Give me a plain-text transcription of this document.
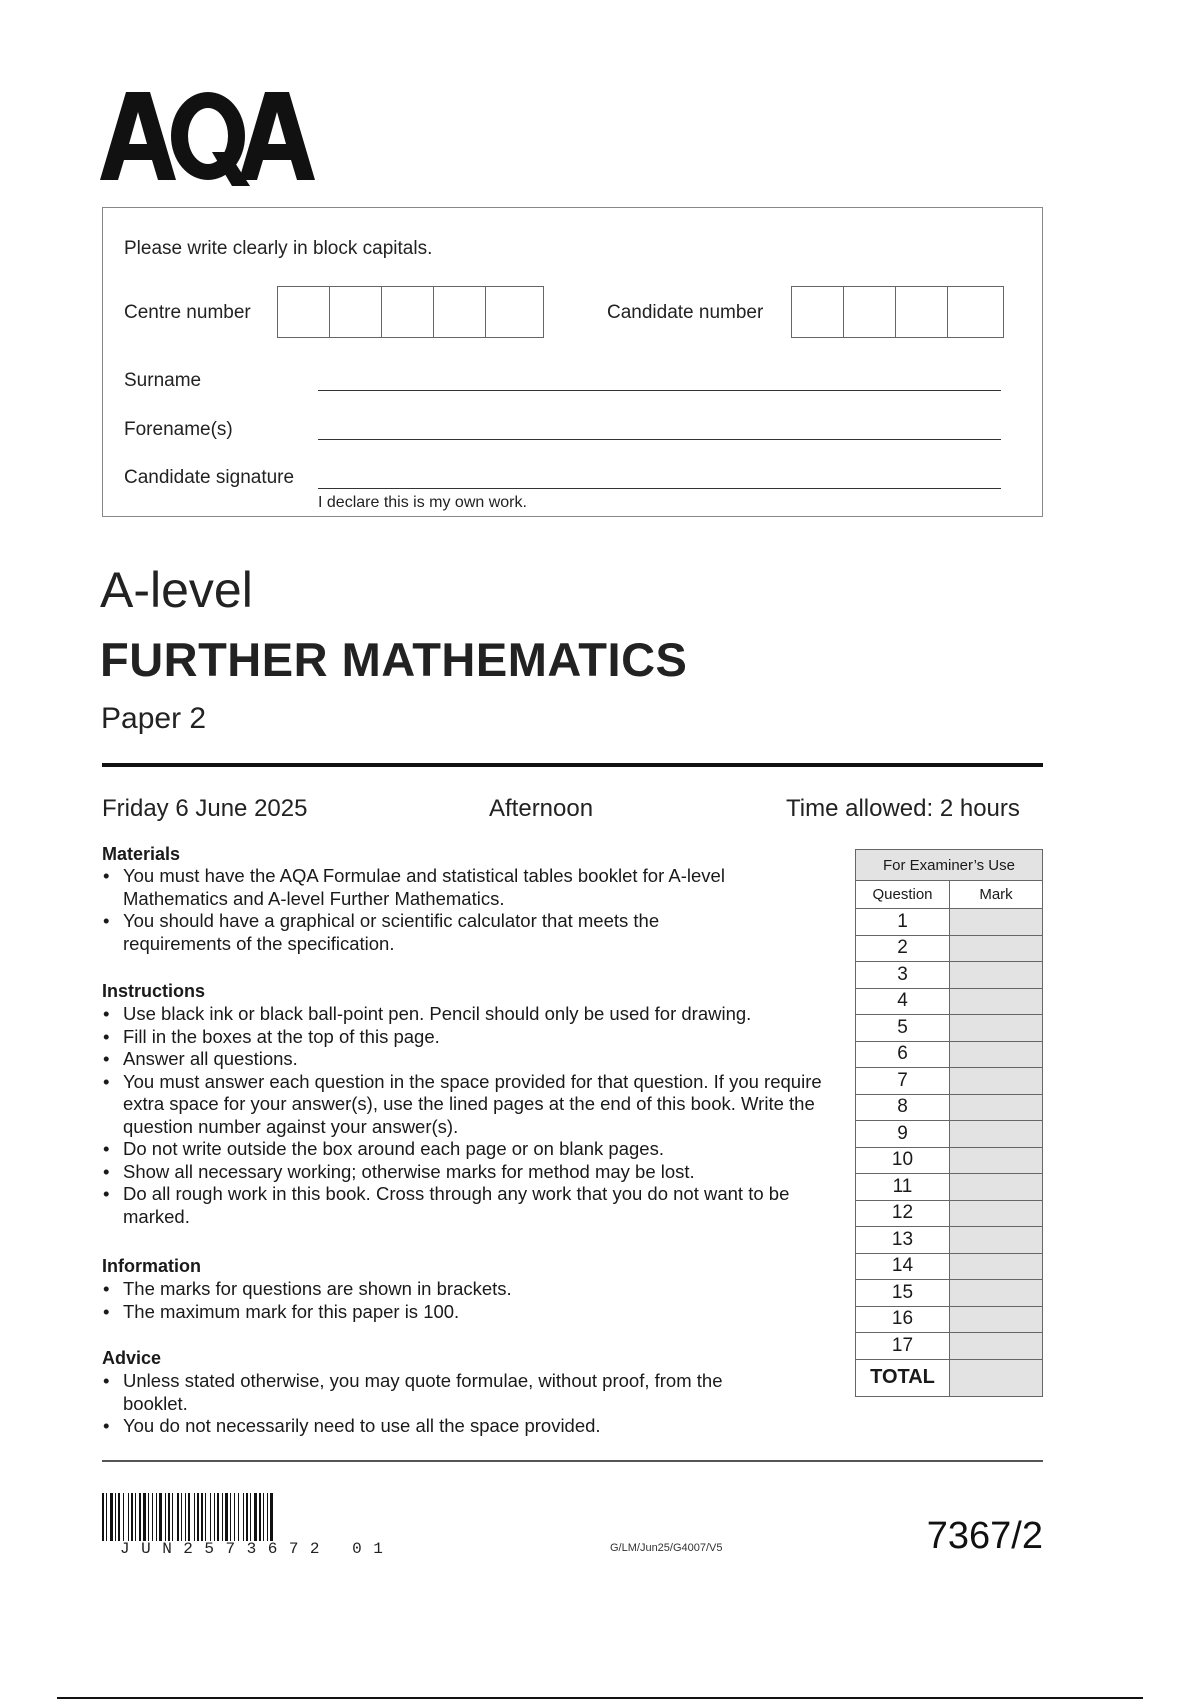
Please write clearly in block capitals.
Centre number	Candidate number
Surname
Forename(s)
Candidate signature
I declare this is my own work.
A-level
FURTHER MATHEMATICS
Paper 2
Friday 6 June 2025	Afternoon	Time allowed: 2 hours
Materials
• You must have the AQA Formulae and statistical tables booklet for A-level Mathematics and A-level Further Mathematics.
• You should have a graphical or scientific calculator that meets the requirements of the specification.
Instructions
• Use black ink or black ball-point pen. Pencil should only be used for drawing.
• Fill in the boxes at the top of this page.
• Answer all questions.
• You must answer each question in the space provided for that question. If you require extra space for your answer(s), use the lined pages at the end of this book. Write the question number against your answer(s).
• Do not write outside the box around each page or on blank pages.
• Show all necessary working; otherwise marks for method may be lost.
• Do all rough work in this book. Cross through any work that you do not want to be marked.
Information
• The marks for questions are shown in brackets.
• The maximum mark for this paper is 100.
Advice
• Unless stated otherwise, you may quote formulae, without proof, from the booklet.
• You do not necessarily need to use all the space provided.
For Examiner’s Use	
Question	Mark
1	
2	
3	
4	
5	
6	
7	
8	
9	
10	
11	
12	
13	
14	
15	
16	
17	
TOTAL	
JUN2573672 01	G/LM/Jun25/G4007/V5	7367/2
